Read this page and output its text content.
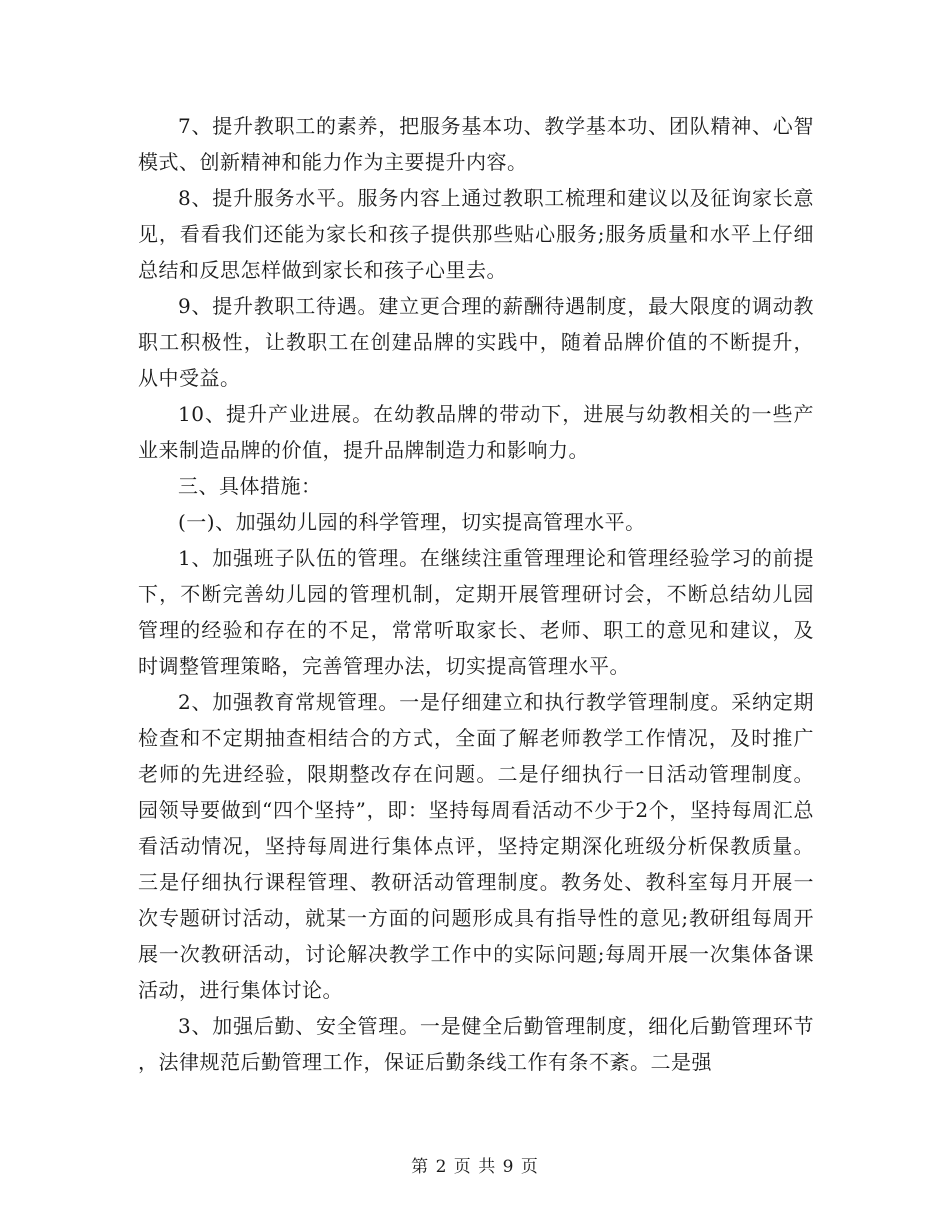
7、提升教职工的素养，把服务基本功、教学基本功、团队精神、心智模式、创新精神和能力作为主要提升内容。

8、提升服务水平。服务内容上通过教职工梳理和建议以及征询家长意见，看看我们还能为家长和孩子提供那些贴心服务;服务质量和水平上仔细总结和反思怎样做到家长和孩子心里去。

9、提升教职工待遇。建立更合理的薪酬待遇制度，最大限度的调动教职工积极性，让教职工在创建品牌的实践中，随着品牌价值的不断提升，从中受益。

10、提升产业进展。在幼教品牌的带动下，进展与幼教相关的一些产业来制造品牌的价值，提升品牌制造力和影响力。

三、具体措施：

(一)、加强幼儿园的科学管理，切实提高管理水平。

1、加强班子队伍的管理。在继续注重管理理论和管理经验学习的前提下，不断完善幼儿园的管理机制，定期开展管理研讨会，不断总结幼儿园管理的经验和存在的不足，常常听取家长、老师、职工的意见和建议，及时调整管理策略，完善管理办法，切实提高管理水平。

2、加强教育常规管理。一是仔细建立和执行教学管理制度。采纳定期检查和不定期抽查相结合的方式，全面了解老师教学工作情况，及时推广老师的先进经验，限期整改存在问题。二是仔细执行一日活动管理制度。园领导要做到“四个坚持”，即：坚持每周看活动不少于2个，坚持每周汇总看活动情况，坚持每周进行集体点评，坚持定期深化班级分析保教质量。三是仔细执行课程管理、教研活动管理制度。教务处、教科室每月开展一次专题研讨活动，就某一方面的问题形成具有指导性的意见;教研组每周开展一次教研活动，讨论解决教学工作中的实际问题;每周开展一次集体备课活动，进行集体讨论。

3、加强后勤、安全管理。一是健全后勤管理制度，细化后勤管理环节，法律规范后勤管理工作，保证后勤条线工作有条不紊。二是强

第 2 页 共 9 页
